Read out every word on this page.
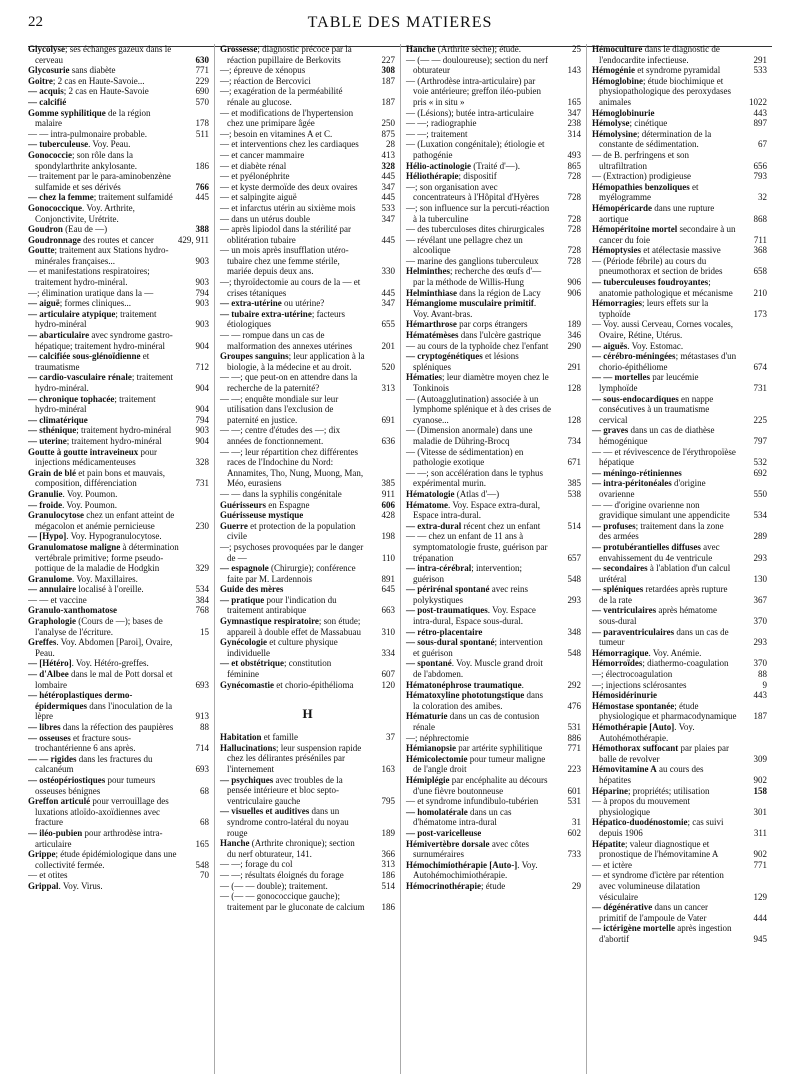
22	TABLE DES MATIERES

Glycolyse; ses échanges gazeux dans le cerveau	630

Glycosurie sans diabète	771

Goitre; 2 cas en Haute-Savoie...	229

— acquis; 2 cas en Haute-Savoie	690

— calcifié	570

Gomme syphilitique de la région malaire	178

— — intra-pulmonaire probable.	511

— tuberculeuse. Voy. Peau.

Gonococcie; son rôle dans la spondylarthrite ankylosante.	186

— traitement par le para-aminobenzène sulfamide et ses dérivés	766

— chez la femme; traitement sulfamidé	445

Gonococcique. Voy. Arthrite, Conjonctivite, Urétrite.

Goudron (Eau de —)	388

Goudronnage des routes et cancer	429, 911

Goutte; traitement aux Stations hydro-minérales françaises...	903

— et manifestations respiratoires; traitement hydro-minéral.	903

—; élimination uratique dans la —	794

— aiguë; formes cliniques...	903

— articulaire atypique; traitement hydro-minéral	903

— abarticulaire avec syndrome gastro-hépatique; traitement hydro-minéral	904

— calcifiée sous-glénoïdienne et traumatisme	712

— cardio-vasculaire rénale; traitement hydro-minéral.	904

— chronique tophacée; traitement hydro-minéral	904

— climatérique	794

— sthénique; traitement hydro-minéral	903

— uterine; traitement hydro-minéral	904

Goutte à goutte intraveineux pour injections médicamenteuses	328

Grain de blé et pain bons et mauvais, composition, différenciation	731

Granulie. Voy. Poumon.

— froide. Voy. Poumon.

Granulocytose chez un enfant atteint de mégacolon et anémie pernicieuse	230

— [Hypo]. Voy. Hypogranulocytose.

Granulomatose maligne à détermination vertébrale primitive; forme pseudo-pottique de la maladie de Hodgkin	329

Granulome. Voy. Maxillaires.

— annulaire localisé à l'oreille.	534

— — et vaccine	384

Granulo-xanthomatose	768

Graphologie (Cours de —); bases de l'analyse de l'écriture.	15

Greffes. Voy. Abdomen [Paroi], Ovaire, Peau.

— [Hétéro]. Voy. Hétéro-greffes.

— d'Albee dans le mal de Pott dorsal et lombaire	693

— hétéroplastiques dermo-épidermiques dans l'inoculation de la lèpre	913

— libres dans la réfection des paupières	88

— osseuses et fracture sous-trochantérienne 6 ans après.	714

— — rigides dans les fractures du calcanéum	693

— ostéopériostiques pour tumeurs osseuses bénignes	68

Greffon articulé pour verrouillage des luxations atloïdo-axoïdiennes avec fracture	68

— iléo-pubien pour arthrodèse intra-articulaire	165

Grippe; étude épidémiologique dans une collectivité fermée.	548

— et otites	70

Grippal. Voy. Virus.

Grossesse; diagnostic précoce par la réaction pupillaire de Berkovits	227

—; épreuve de xénopus	308

—; réaction de Bercovici	187

—; exagération de la perméabilité rénale au glucose.	187

— et modifications de l'hypertension chez une primipare âgée	250

—; besoin en vitamines A et C.	875

— et interventions chez les cardiaques	28

— et cancer mammaire	413

— et diabète rénal	328

— et pyélonéphrite	445

— et kyste dermoïde des deux ovaires	347

— et salpingite aiguë	445

— et infarctus utérin au sixième mois	533

— dans un utérus double	347

— après lipiodol dans la stérilité par oblitération tubaire	445

— un mois après insufflation utéro-tubaire chez une femme stérile, mariée depuis deux ans.	330

—; thyroïdectomie au cours de la — et crises tétaniques	445

— extra-utérine ou utérine?	347

— tubaire extra-utérine; facteurs étiologiques	655

— — rompue dans un cas de malformation des annexes utérines	201

Groupes sanguins; leur application à la biologie, à la médecine et au droit.	520

— —; que peut-on en attendre dans la recherche de la paternité?	313

— —; enquête mondiale sur leur utilisation dans l'exclusion de paternité en justice.	691

— —; centre d'études des —; dix années de fonctionnement.	636

— —; leur répartition chez différentes races de l'Indochine du Nord: Annamites, Tho, Nung, Muong, Man, Méo, eurasiens	385

— — dans la syphilis congénitale	911

Guérisseurs en Espagne	606

Guérisseuse mystique	428

Guerre et protection de la population civile	198

—; psychoses provoquées par le danger de —	110

— espagnole (Chirurgie); conférence faite par M. Lardennois	891

Guide des mères	645

— pratique pour l'indication du traitement antirabique	663

Gymnastique respiratoire; son étude; appareil à double effet de Massabuau 310

Gynécologie et culture physique individuelle	334

— et obstétrique; constitution féminine	607

Gynécomastie et chorio-épithélioma	120

H

Habitation et famille	37

Hallucinations; leur suspension rapide chez les délirantes préséniles par l'internement	163

— psychiques avec troubles de la pensée intérieure et bloc septo-ventriculaire gauche	795

— visuelles et auditives dans un syndrome contro-latéral du noyau rouge	189

Hanche (Arthrite chronique); section du nerf obturateur, 141.	366

— —; forage du col	313

— —; résultats éloignés du forage	186

— (— — double); traitement.	514

— (— — gonococcique gauche); traitement par le gluconate de calcium 186

Hanche (Arthrite sèche); étude.	25

— (— — douloureuse); section du nerf obturateur	143

— (Arthrodèse intra-articulaire) par voie antérieure; greffon iléo-pubien pris « in situ »	165

— (Lésions); butée intra-articulaire	347

— —; radiographie	238

— —; traitement	314

— (Luxation congénitale); étiologie et pathogénie	493

Hélio-actinologie (Traité d'—).	865

Héliothérapie; dispositif	728

—; son organisation avec concentrateurs à l'Hôpital d'Hyères	728

—; son influence sur la percuti-réaction à la tuberculine	728

— des tuberculoses dites chirurgicales	728

— révélant une pellagre chez un alcoolique	728

— marine des ganglions tuberculeux	728

Helminthes; recherche des œufs d'— par la méthode de Willis-Hung	906

Helminthiase dans la région de Lacy	906

Hémangiome musculaire primitif. Voy. Avant-bras.

Hémarthrose par corps étrangers	189

Hématémèses dans l'ulcère gastrique	346

— au cours de la typhoïde chez l'enfant 290

— cryptogénétiques et lésions spléniques	291

Hématies; leur diamètre moyen chez le Tonkinois	128

— (Autoagglutination) associée à un lymphome splénique et à des crises de cyanose...	128

— (Dimension anormale) dans une maladie de Dühring-Brocq	734

— (Vitesse de sédimentation) en pathologie exotique	671

— —; son accélération dans le typhus expérimental murin.	385

Hématologie (Atlas d'—)	538

Hématome. Voy. Espace extra-dural, Espace intra-dural.

— extra-dural récent chez un enfant	514

— — chez un enfant de 11 ans à symptomatologie fruste, guérison par trépanation	657

— intra-cérébral; intervention; guérison	548

— périrénal spontané avec reins polykystiques	293

— post-traumatiques. Voy. Espace intra-dural, Espace sous-dural.

— rétro-placentaire	348

— sous-dural spontané; intervention et guérison	548

— spontané. Voy. Muscle grand droit de l'abdomen.

Hématonéphrose traumatique.	292

Hématoxyline phototungstique dans la coloration des amibes.	476

Hématurie dans un cas de contusion rénale	531

—; néphrectomie	886

Hémianopsie par artérite syphilitique	771

Hémicolectomie pour tumeur maligne de l'angle droit	223

Hémiplégie par encéphalite au décours d'une fièvre boutonneuse	601

— et syndrome infundibulo-tubérien	531

— homolatérale dans un cas d'hématome intra-dural	31

— post-varicelleuse	602

Hémivertèbre dorsale avec côtes surnuméraires	733

Hémochimiothérapie [Auto-]. Voy. Autohémochimiothérapie.

Hémocrinothérapie; étude	29

Hémoculture dans le diagnostic de l'endocardite infectieuse.	291

Hémogénie et syndrome pyramidal	533

Hémoglobine; étude biochimique et physiopathologique des peroxydases animales	1022

Hémoglobinurie	443

Hémolyse; cinétique	897

Hémolysine; détermination de la constante de sédimentation.	67

— de B. perfringens et son ultrafiltration	656

— (Extraction) prodigieuse	793

Hémopathies benzoliques et myélogramme	32

Hémopéricarde dans une rupture aortique	868

Hémopéritoine mortel secondaire à un cancer du foie	711

Hémoptysies et atélectasie massive	368

— (Période fébrile) au cours du pneumothorax et section de brides	658

— tuberculeuses foudroyantes; anatomie pathologique et mécanisme 210

Hémorragies; leurs effets sur la typhoïde	173

— Voy. aussi Cerveau, Cornes vocales, Ovaire, Rétine, Utérus.

— aiguës. Voy. Estomac.

— cérébro-méningées; métastases d'un chorio-épithéliome	674

— — mortelles par leucémie lymphoïde	731

— sous-endocardiques en nappe consécutives à un traumatisme cervical	225

— graves dans un cas de diathèse hémogénique	797

— — et révivescence de l'érythropoïèse hépatique	532

— méningo-rétiniennes	692

— intra-péritonéales d'origine ovarienne	550

— — d'origine ovarienne non gravidique simulant une appendicite	534

— profuses; traitement dans la zone des armées	289

— protubérantielles diffuses avec envahissement du 4e ventricule	293

— secondaires à l'ablation d'un calcul urétéral	130

— spléniques retardées après rupture de la rate	367

— ventriculaires après hématome sous-dural	370

— paraventriculaires dans un cas de tumeur	293

Hémorragique. Voy. Anémie.

Hémorroïdes; diathermo-coagulation	370

—; électrocoagulation	88

—; injections sclérosantes	9

Hémosidérinurie	443

Hémostase spontanée; étude physiologique et pharmacodynamique 187

Hémothérapie [Auto]. Voy. Autohémothérapie.

Hémothorax suffocant par plaies par balle de revolver	309

Hémovitamine A au cours des hépatites	902

Héparine; propriétés; utilisation	158

— à propos du mouvement physiologique	301

Hépatico-duodénostomie; cas suivi depuis 1906	311

Hépatite; valeur diagnostique et pronostique de l'hémovitamine A	902

— et ictère	771

— et syndrome d'ictère par rétention avec volumineuse dilatation vésiculaire	129

— dégénérative dans un cancer primitif de l'ampoule de Vater	444

— ictérigène mortelle après ingestion d'abortif	945
